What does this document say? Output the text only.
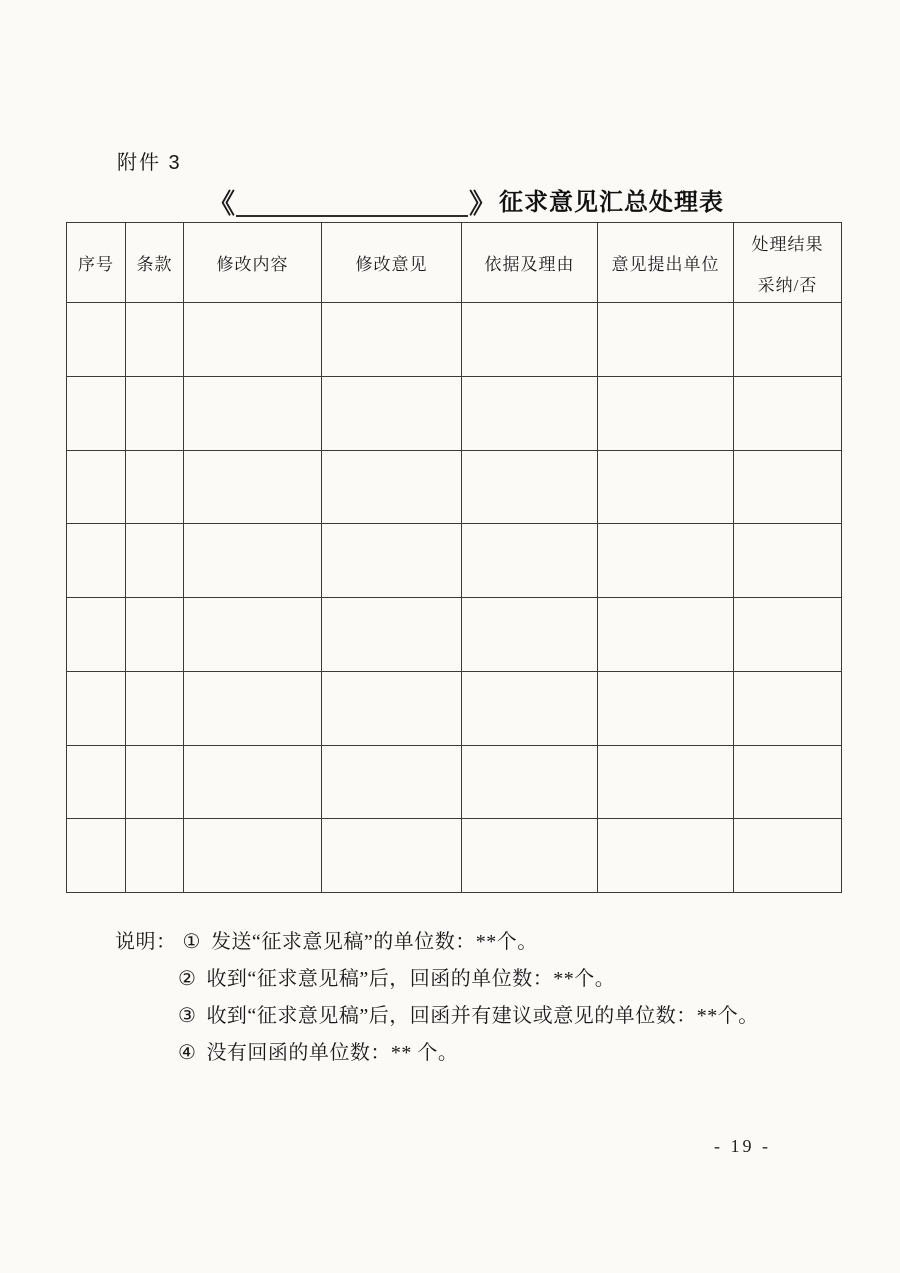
附件 3
《	》 征求意见汇总处理表
序号	条款	修改内容	修改意见	依据及理由	意见提出单位	处理结果
采纳/否

说明： ① 发送“征求意见稿”的单位数：**个。
② 收到“征求意见稿”后，回函的单位数：**个。
③ 收到“征求意见稿”后，回函并有建议或意见的单位数：**个。
④ 没有回函的单位数：** 个。
- 19 -
